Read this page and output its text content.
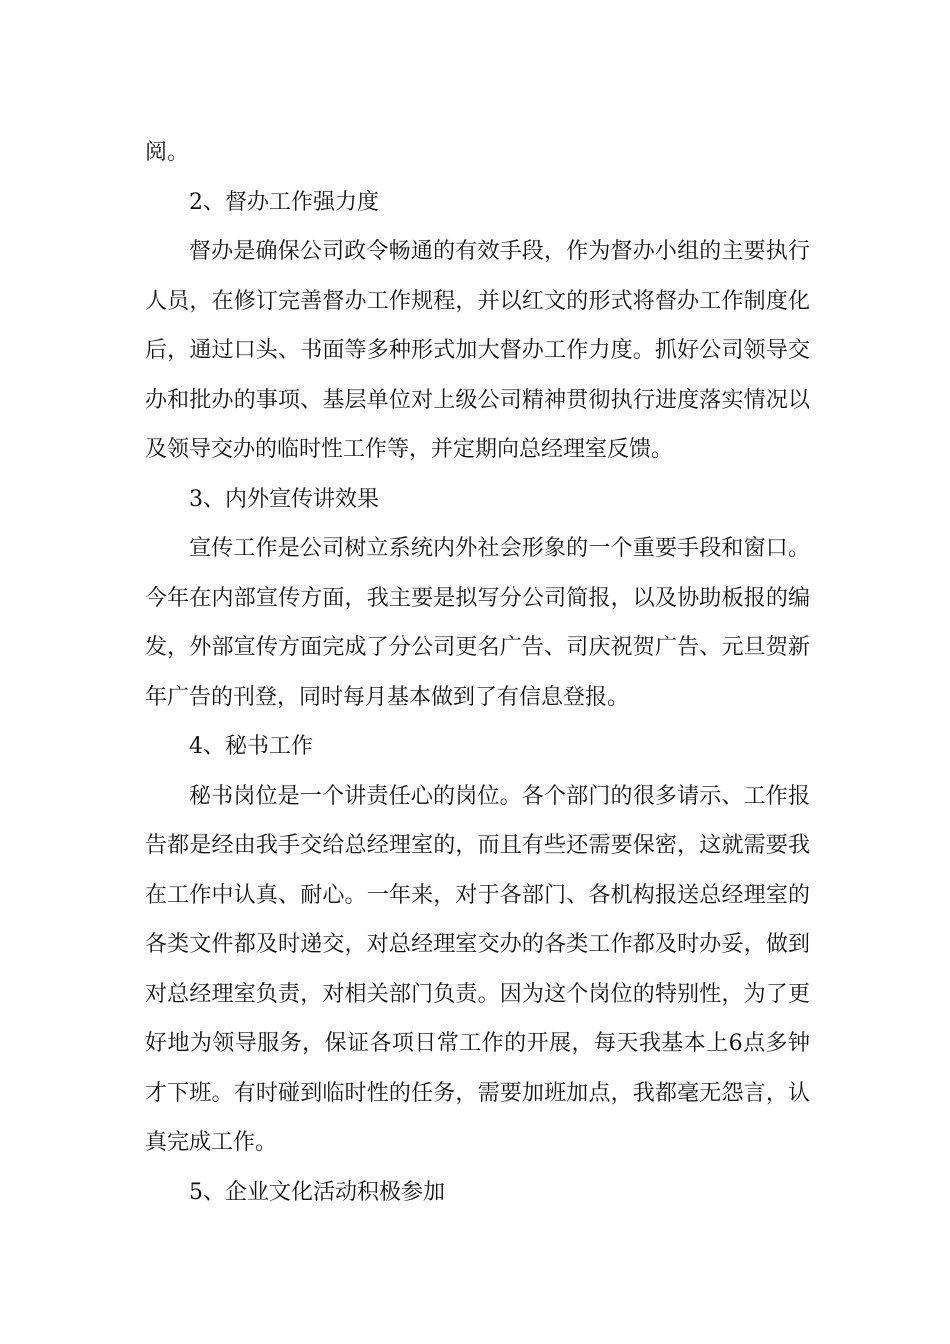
阅。

2、督办工作强力度

督办是确保公司政令畅通的有效手段，作为督办小组的主要执行人员，在修订完善督办工作规程，并以红文的形式将督办工作制度化后，通过口头、书面等多种形式加大督办工作力度。抓好公司领导交办和批办的事项、基层单位对上级公司精神贯彻执行进度落实情况以及领导交办的临时性工作等，并定期向总经理室反馈。

3、内外宣传讲效果

宣传工作是公司树立系统内外社会形象的一个重要手段和窗口。今年在内部宣传方面，我主要是拟写分公司简报，以及协助板报的编发，外部宣传方面完成了分公司更名广告、司庆祝贺广告、元旦贺新年广告的刊登，同时每月基本做到了有信息登报。

4、秘书工作

秘书岗位是一个讲责任心的岗位。各个部门的很多请示、工作报告都是经由我手交给总经理室的，而且有些还需要保密，这就需要我在工作中认真、耐心。一年来，对于各部门、各机构报送总经理室的各类文件都及时递交，对总经理室交办的各类工作都及时办妥，做到对总经理室负责，对相关部门负责。因为这个岗位的特别性，为了更好地为领导服务，保证各项日常工作的开展，每天我基本上6点多钟才下班。有时碰到临时性的任务，需要加班加点，我都毫无怨言，认真完成工作。

5、企业文化活动积极参加
